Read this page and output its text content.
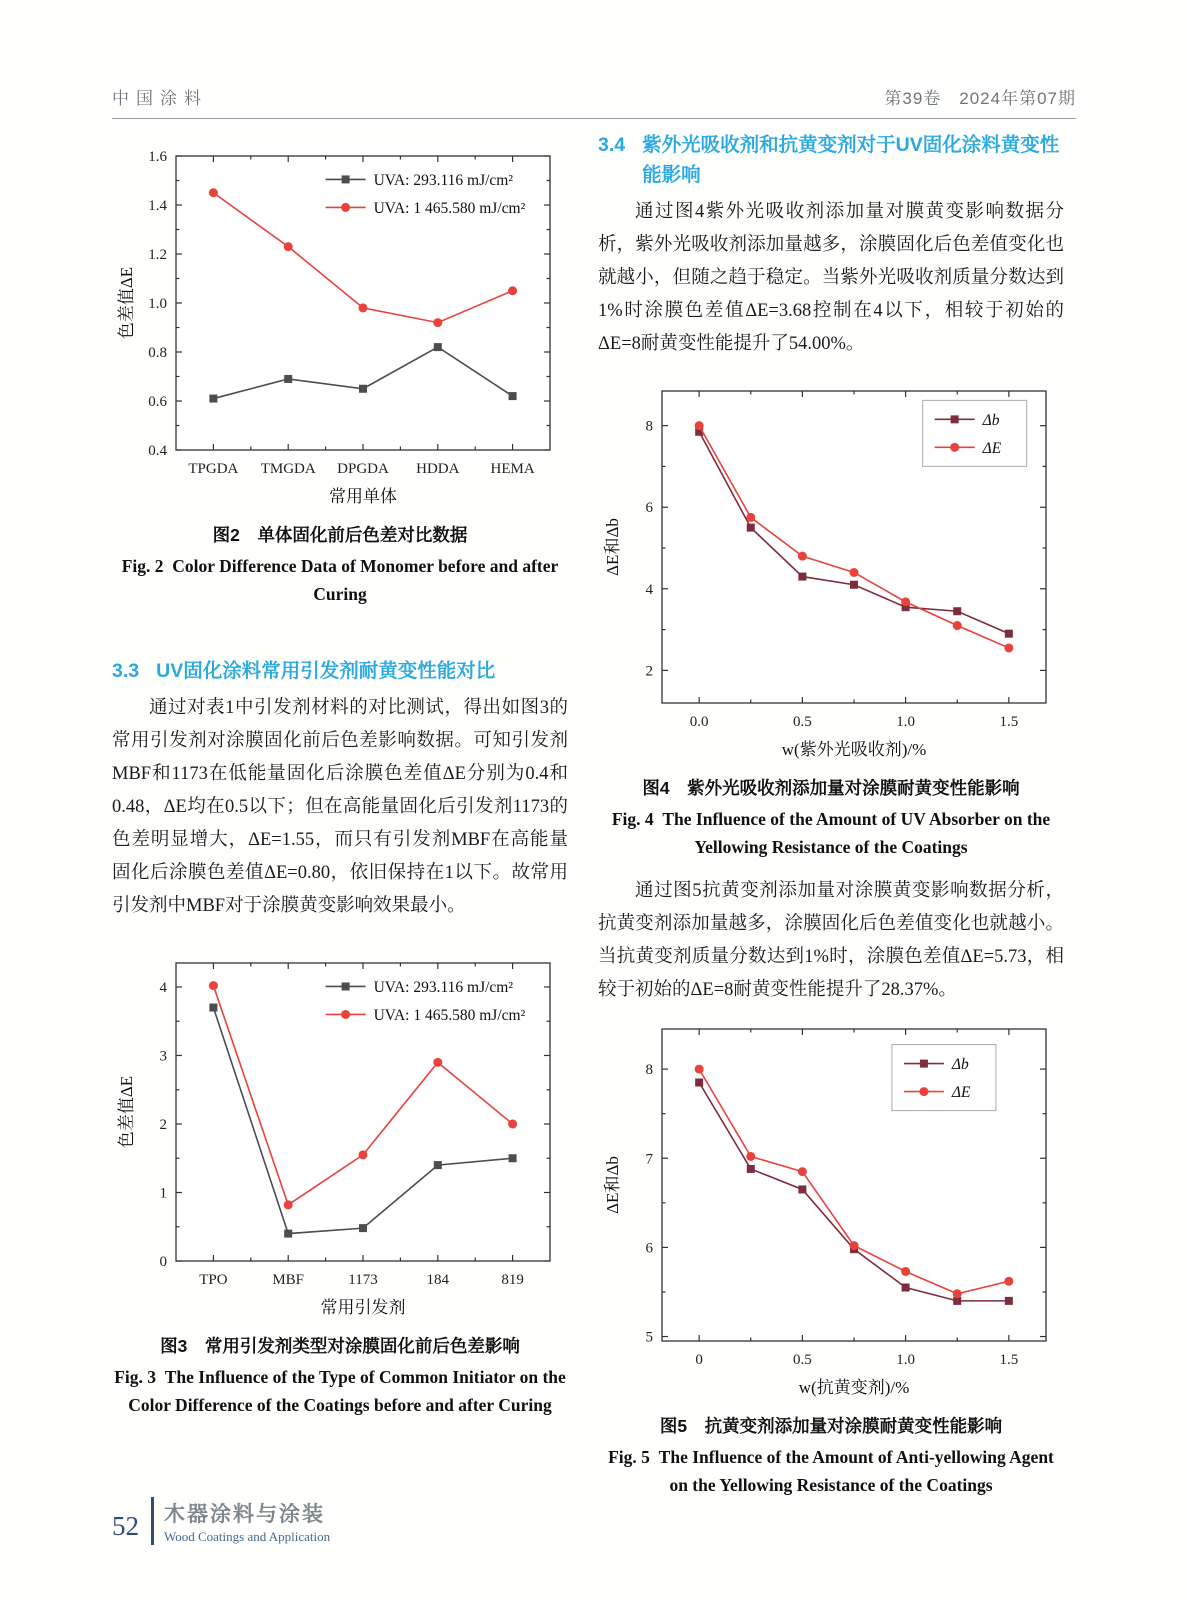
中国涂料	第39卷　2024年第07期
0.4
0.6
0.8
1.0
1.2
1.4
1.6
TPGDA TMGDA DPGDA HDDA HEMA
UVA: 293.116 mJ/cm²
UVA: 1 465.580 mJ/cm²
常用单体
色差值ΔE
图2　单体固化前后色差对比数据
Fig. 2 Color Difference Data of Monomer before and after Curing
3.3 UV固化涂料常用引发剂耐黄变性能对比

通过对表1中引发剂材料的对比测试，得出如图3的常用引发剂对涂膜固化前后色差影响数据。可知引发剂MBF和1173在低能量固化后涂膜色差值ΔE分别为0.4和0.48，ΔE均在0.5以下；但在高能量固化后引发剂1173的色差明显增大，ΔE=1.55，而只有引发剂MBF在高能量固化后涂膜色差值ΔE=0.80，依旧保持在1以下。故常用引发剂中MBF对于涂膜黄变影响效果最小。

0
1
2
3
4
TPO	MBF	1173	184	819
UVA: 293.116 mJ/cm²
UVA: 1 465.580 mJ/cm²
常用引发剂
色差值ΔE
图3　常用引发剂类型对涂膜固化前后色差影响
Fig. 3 The Influence of the Type of Common Initiator on the Color Difference of the Coatings before and after Curing
3.4 紫外光吸收剂和抗黄变剂对于UV固化涂料黄变性能影响

通过图4紫外光吸收剂添加量对膜黄变影响数据分析，紫外光吸收剂添加量越多，涂膜固化后色差值变化也就越小，但随之趋于稳定。当紫外光吸收剂质量分数达到1%时涂膜色差值ΔE=3.68控制在4以下，相较于初始的ΔE=8耐黄变性能提升了54.00%。

2
4
6
8
0.0	0.5	1.0	1.5
Δb
ΔE
w(紫外光吸收剂)/%
ΔE和Δb
图4　紫外光吸收剂添加量对涂膜耐黄变性能影响
Fig. 4 The Influence of the Amount of UV Absorber on the Yellowing Resistance of the Coatings

通过图5抗黄变剂添加量对涂膜黄变影响数据分析，抗黄变剂添加量越多，涂膜固化后色差值变化也就越小。当抗黄变剂质量分数达到1%时，涂膜色差值ΔE=5.73，相较于初始的ΔE=8耐黄变性能提升了28.37%。

5
6
7
8
0	0.5	1.0	1.5
Δb
ΔE
w(抗黄变剂)/%
ΔE和Δb
图5　抗黄变剂添加量对涂膜耐黄变性能影响
Fig. 5 The Influence of the Amount of Anti-yellowing Agent on the Yellowing Resistance of the Coatings
52 木器涂料与涂装
Wood Coatings and Application
